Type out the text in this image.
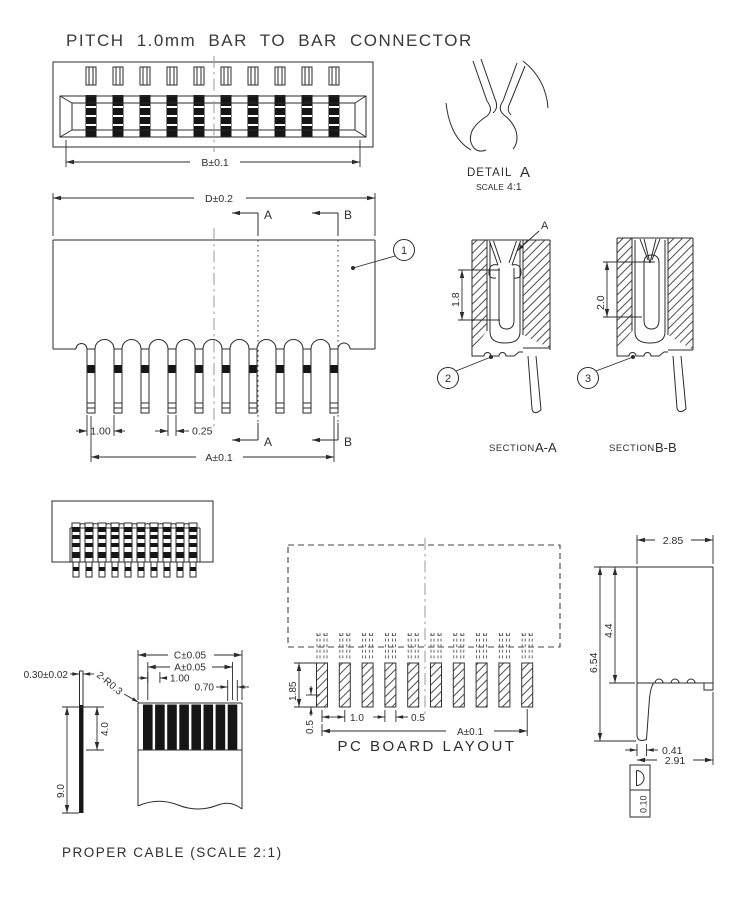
PITCH 1.0mm BAR TO BAR CONNECTOR
B±0.1
D±0.2
A	B
A	B
1.00	0.25
A±0.1
1
DETAIL A
SCALE 4:1
A
1.8
2
SECTION A-A
2.0
3
SECTION B-B
1.85
0.5
1.0	0.5
A±0.1
PC BOARD LAYOUT
2.85
4.4
6.54
0.41
2.91
0.10
0.30±0.02
4.0
9.0
C±0.05
A±0.05
1.00
0.70
2-R0.3
PROPER CABLE (SCALE 2:1)
